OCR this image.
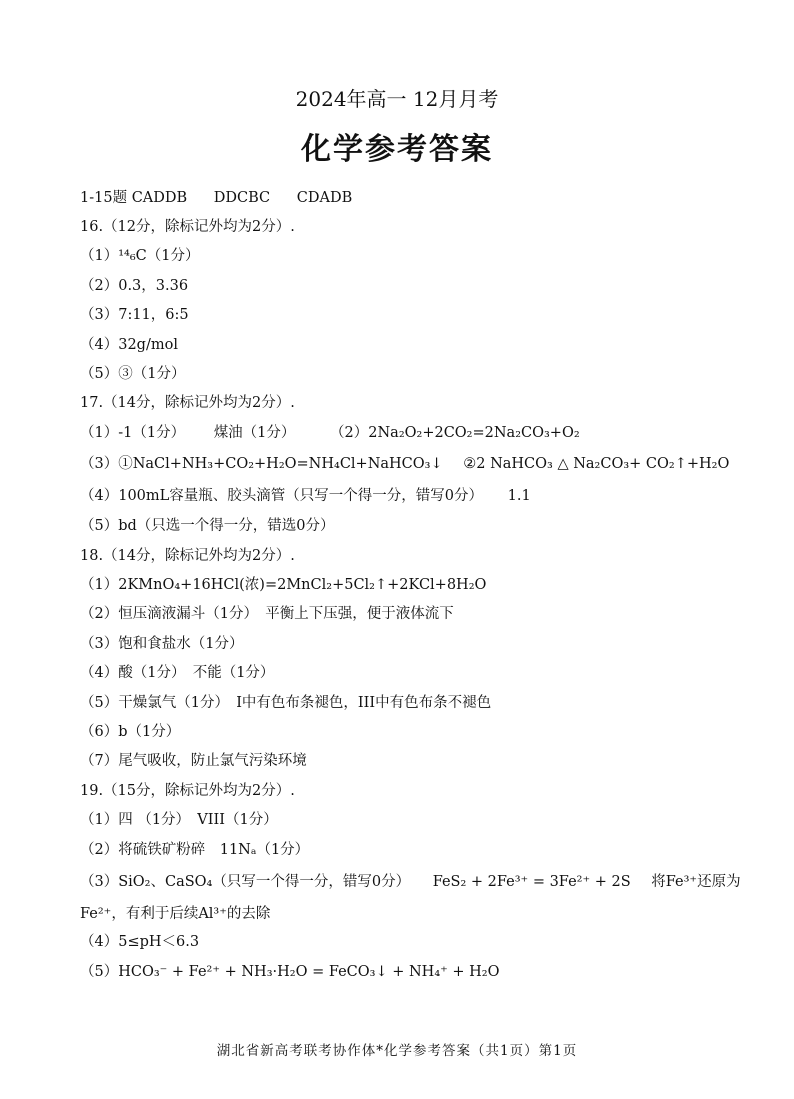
2024年高一 12月月考
化学参考答案
1-15题 CADDB DDCBC CDADB
16.（12分，除标记外均为2分）.
（1）¹⁴₆C（1分）
（2）0.3，3.36
（3）7:11，6:5
（4）32g/mol
（5）③（1分）
17.（14分，除标记外均为2分）.
（1）-1（1分） 煤油（1分） （2）2Na₂O₂+2CO₂=2Na₂CO₃+O₂
（3）①NaCl+NH₃+CO₂+H₂O=NH₄Cl+NaHCO₃↓ ②2 NaHCO₃ △ Na₂CO₃+ CO₂↑+H₂O
（4）100mL容量瓶、胶头滴管（只写一个得一分，错写0分） 1.1
（5）bd（只选一个得一分，错选0分）
18.（14分，除标记外均为2分）.
（1）2KMnO₄+16HCl(浓)=2MnCl₂+5Cl₂↑+2KCl+8H₂O
（2）恒压滴液漏斗（1分）　平衡上下压强，便于液体流下
（3）饱和食盐水（1分）
（4）酸（1分）　不能（1分）
（5）干燥氯气（1分）　I中有色布条褪色，III中有色布条不褪色
（6）b（1分）
（7）尾气吸收，防止氯气污染环境
19.（15分，除标记外均为2分）.
（1）四 （1分）　VIII（1分）
（2）将硫铁矿粉碎　11Nₐ（1分）
（3）SiO₂、CaSO₄（只写一个得一分，错写0分） FeS₂ + 2Fe³⁺ = 3Fe²⁺ + 2S 将Fe³⁺还原为
Fe²⁺，有利于后续Al³⁺的去除
（4）5≤pH＜6.3
（5）HCO₃⁻ + Fe²⁺ + NH₃·H₂O = FeCO₃↓ + NH₄⁺ + H₂O
湖北省新高考联考协作体*化学参考答案（共1页）第1页
